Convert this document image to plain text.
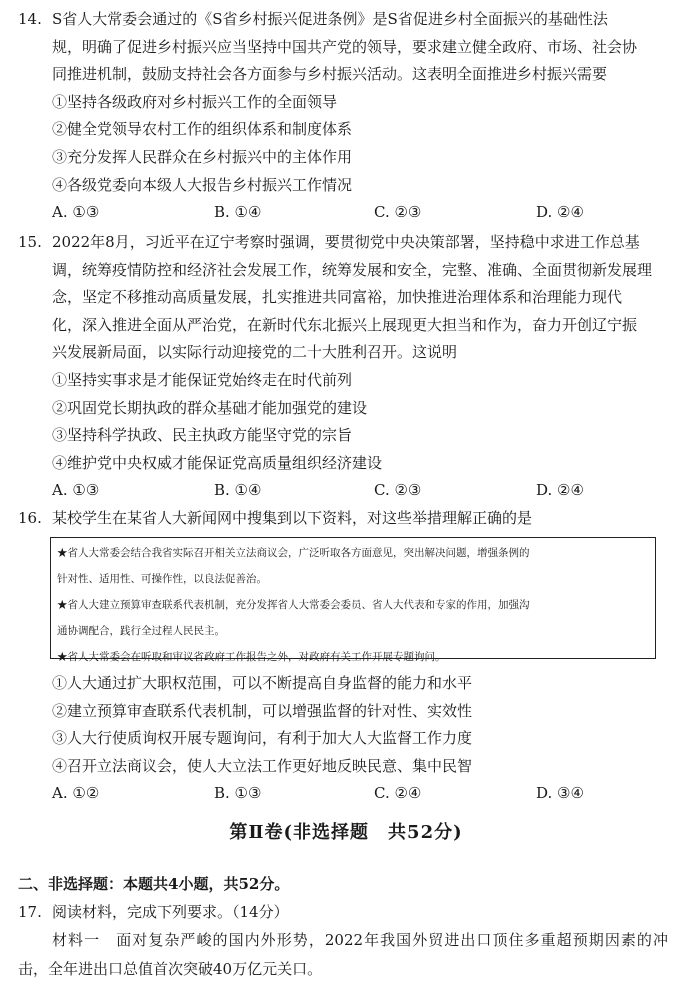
14. S省人大常委会通过的《S省乡村振兴促进条例》是S省促进乡村全面振兴的基础性法
规，明确了促进乡村振兴应当坚持中国共产党的领导，要求建立健全政府、市场、社会协
同推进机制，鼓励支持社会各方面参与乡村振兴活动。这表明全面推进乡村振兴需要
①坚持各级政府对乡村振兴工作的全面领导
②健全党领导农村工作的组织体系和制度体系
③充分发挥人民群众在乡村振兴中的主体作用
④各级党委向本级人大报告乡村振兴工作情况
A. ①③	B. ①④	C. ②③	D. ②④
15. 2022年8月，习近平在辽宁考察时强调，要贯彻党中央决策部署，坚持稳中求进工作总基
调，统筹疫情防控和经济社会发展工作，统筹发展和安全，完整、准确、全面贯彻新发展理
念，坚定不移推动高质量发展，扎实推进共同富裕，加快推进治理体系和治理能力现代
化，深入推进全面从严治党，在新时代东北振兴上展现更大担当和作为，奋力开创辽宁振
兴发展新局面，以实际行动迎接党的二十大胜利召开。这说明
①坚持实事求是才能保证党始终走在时代前列
②巩固党长期执政的群众基础才能加强党的建设
③坚持科学执政、民主执政方能坚守党的宗旨
④维护党中央权威才能保证党高质量组织经济建设
A. ①③	B. ①④	C. ②③	D. ②④
16. 某校学生在某省人大新闻网中搜集到以下资料，对这些举措理解正确的是
★省人大常委会结合我省实际召开相关立法商议会，广泛听取各方面意见，突出解决问题，增强条例的
针对性、适用性、可操作性，以良法促善治。
★省人大建立预算审查联系代表机制，充分发挥省人大常委会委员、省人大代表和专家的作用，加强沟
通协调配合，践行全过程人民民主。
★省人大常委会在听取和审议省政府工作报告之外，对政府有关工作开展专题询问。
①人大通过扩大职权范围，可以不断提高自身监督的能力和水平
②建立预算审查联系代表机制，可以增强监督的针对性、实效性
③人大行使质询权开展专题询问，有利于加大人大监督工作力度
④召开立法商议会，使人大立法工作更好地反映民意、集中民智
A. ①②	B. ①③	C. ②④	D. ③④
第Ⅱ卷(非选择题　共52分)
二、非选择题：本题共4小题，共52分。
17. 阅读材料，完成下列要求。（14分）
材料一　 面对复杂严峻的国内外形势，2022年我国外贸进出口顶住多重超预期因素的冲
击，全年进出口总值首次突破40万亿元关口。
